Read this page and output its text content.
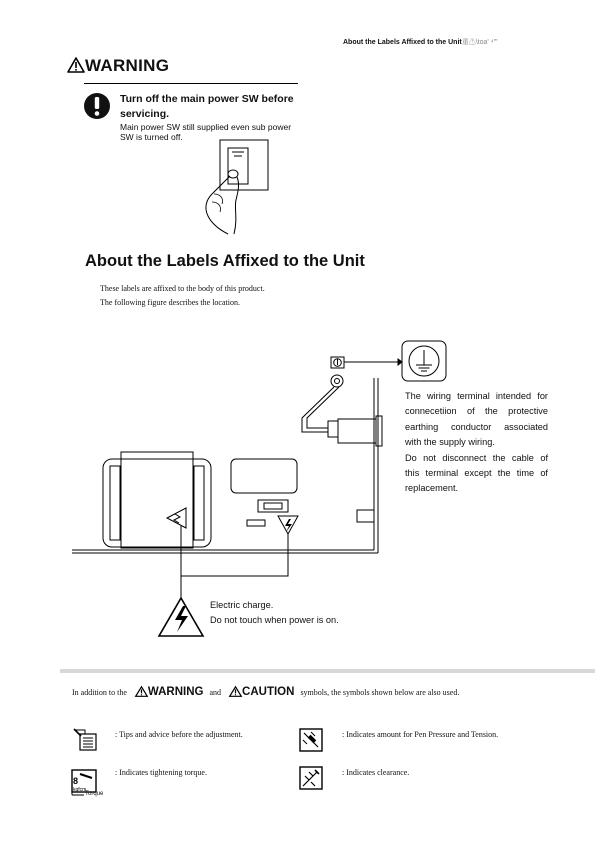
About the Labels Affixed to the Unit重⚠\toa' ⁴'"
WARNING
Turn off the main power SW before servicing.
Main power SW still supplied even sub power SW is turned off.
About the Labels Affixed to the Unit
These labels are affixed to the body of this product.
The following figure describes the location.

The wiring terminal intended for

connecetiion of the protective

earthing conductor associated

with the supply wiring.

Do not disconnect the cable of

this terminal except the time of

replacement.

Electric charge.
Do not touch when power is on.
In addition to the WARNING and CAUTION symbols, the symbols shown below are also used.
: Tips and advice before the adjustment.	: Indicates amount for Pen Pressure and Tension.
8
kgfcm
Torque
: Indicates tightening torque.	: Indicates clearance.
